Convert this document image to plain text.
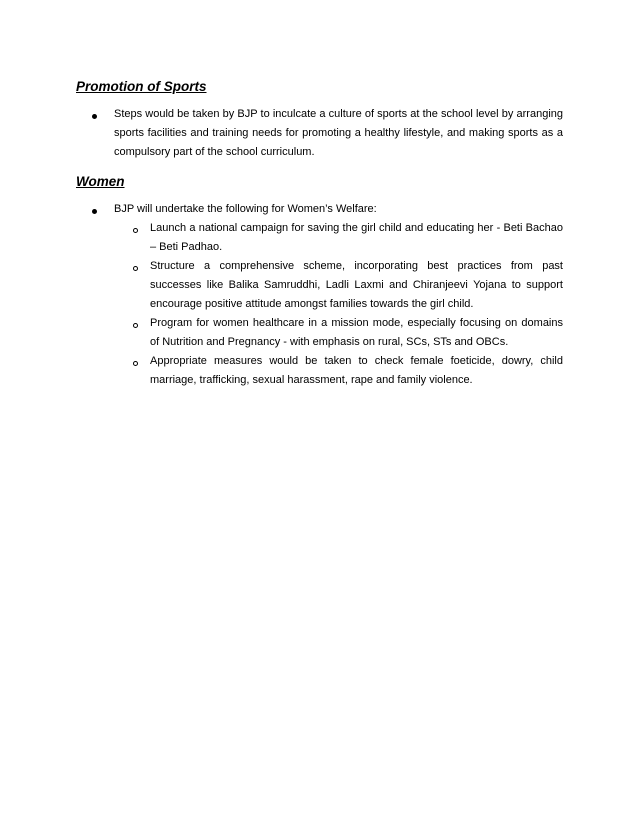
Promotion of Sports
Steps would be taken by BJP to inculcate a culture of sports at the school level by arranging sports facilities and training needs for promoting a healthy lifestyle, and making sports as a compulsory part of the school curriculum.
Women
BJP will undertake the following for Women’s Welfare:
Launch a national campaign for saving the girl child and educating her - Beti Bachao – Beti Padhao.
Structure a comprehensive scheme, incorporating best practices from past successes like Balika Samruddhi, Ladli Laxmi and Chiranjeevi Yojana to support encourage positive attitude amongst families towards the girl child.
Program for women healthcare in a mission mode, especially focusing on domains of Nutrition and Pregnancy - with emphasis on rural, SCs, STs and OBCs.
Appropriate measures would be taken to check female foeticide, dowry, child marriage, trafficking, sexual harassment, rape and family violence.
